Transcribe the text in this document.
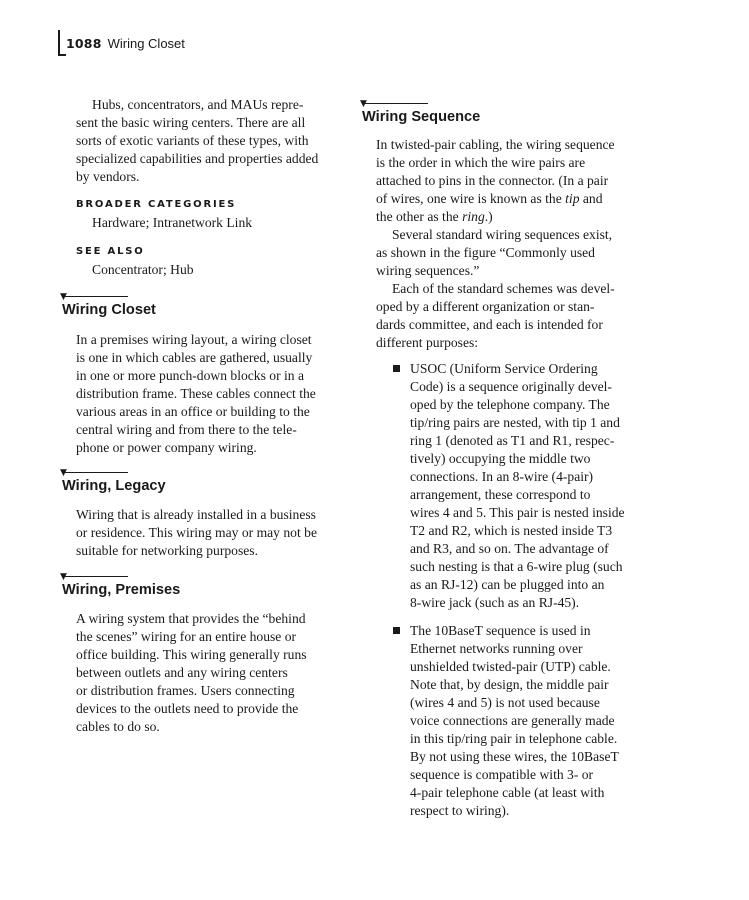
1088 Wiring Closet

Hubs, concentrators, and MAUs repre-

sent the basic wiring centers. There are all

sorts of exotic variants of these types, with

specialized capabilities and properties added

by vendors.

BROADER CATEGORIES

Hardware; Intranetwork Link

SEE ALSO

Concentrator; Hub

▼
Wiring Closet

In a premises wiring layout, a wiring closet

is one in which cables are gathered, usually

in one or more punch-down blocks or in a

distribution frame. These cables connect the

various areas in an office or building to the

central wiring and from there to the tele-

phone or power company wiring.

▼
Wiring, Legacy

Wiring that is already installed in a business

or residence. This wiring may or may not be

suitable for networking purposes.

▼
Wiring, Premises

A wiring system that provides the “behind

the scenes” wiring for an entire house or

office building. This wiring generally runs

between outlets and any wiring centers

or distribution frames. Users connecting

devices to the outlets need to provide the

cables to do so.

▼
Wiring Sequence

In twisted-pair cabling, the wiring sequence

is the order in which the wire pairs are

attached to pins in the connector. (In a pair

of wires, one wire is known as the tip and

the other as the ring.)

Several standard wiring sequences exist,

as shown in the figure “Commonly used

wiring sequences.”

Each of the standard schemes was devel-

oped by a different organization or stan-

dards committee, and each is intended for

different purposes:

USOC (Uniform Service Ordering

Code) is a sequence originally devel-

oped by the telephone company. The

tip/ring pairs are nested, with tip 1 and

ring 1 (denoted as T1 and R1, respec-

tively) occupying the middle two

connections. In an 8-wire (4-pair)

arrangement, these correspond to

wires 4 and 5. This pair is nested inside

T2 and R2, which is nested inside T3

and R3, and so on. The advantage of

such nesting is that a 6-wire plug (such

as an RJ-12) can be plugged into an

8-wire jack (such as an RJ-45).

The 10BaseT sequence is used in

Ethernet networks running over

unshielded twisted-pair (UTP) cable.

Note that, by design, the middle pair

(wires 4 and 5) is not used because

voice connections are generally made

in this tip/ring pair in telephone cable.

By not using these wires, the 10BaseT

sequence is compatible with 3- or

4-pair telephone cable (at least with

respect to wiring).
